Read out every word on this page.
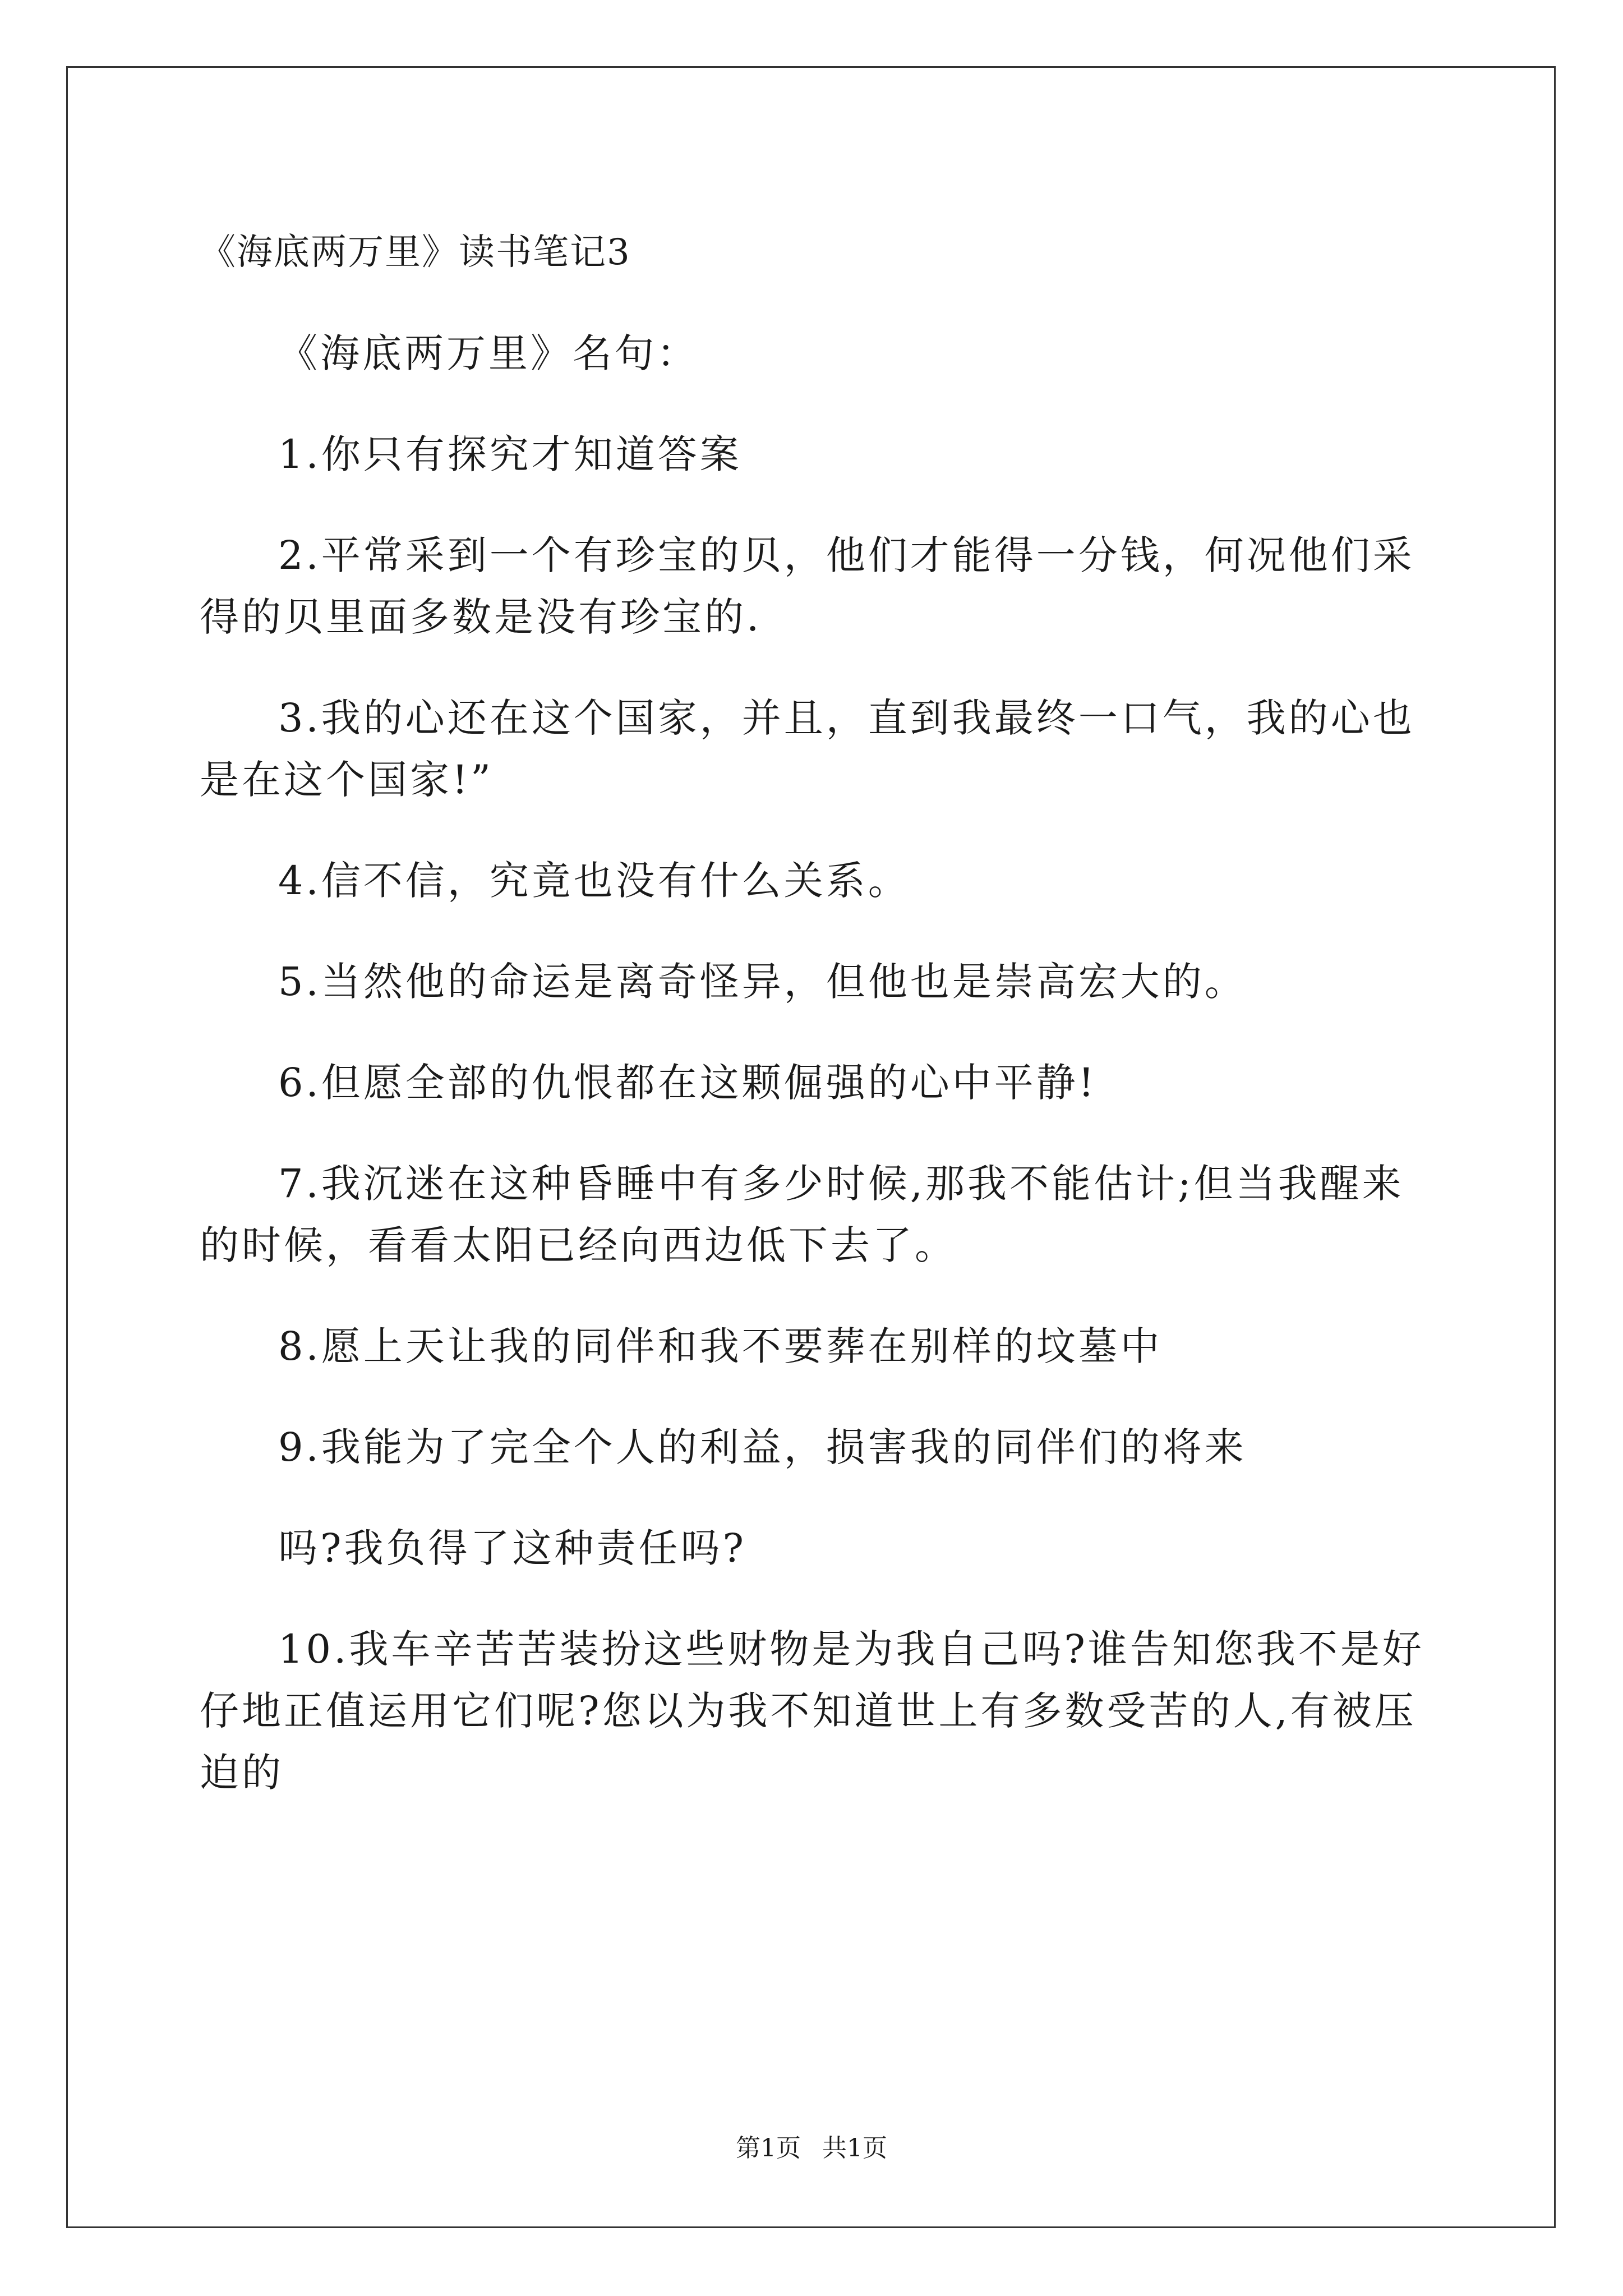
《海底两万里》读书笔记3

《海底两万里》名句：

1.你只有探究才知道答案

2.平常采到一个有珍宝的贝，他们才能得一分钱，何况他们采得的贝里面多数是没有珍宝的.

3.我的心还在这个国家，并且，直到我最终一口气，我的心也是在这个国家!”

4.信不信，究竟也没有什么关系。

5.当然他的命运是离奇怪异，但他也是崇高宏大的。

6.但愿全部的仇恨都在这颗倔强的心中平静!

7.我沉迷在这种昏睡中有多少时候,那我不能估计;但当我醒来的时候，看看太阳已经向西边低下去了。

8.愿上天让我的同伴和我不要葬在别样的坟墓中

9.我能为了完全个人的利益，损害我的同伴们的将来

吗?我负得了这种责任吗?

10.我车辛苦苦装扮这些财物是为我自己吗?谁告知您我不是好仔地正值运用它们呢?您以为我不知道世上有多数受苦的人,有被压迫的

第1页 共1页
